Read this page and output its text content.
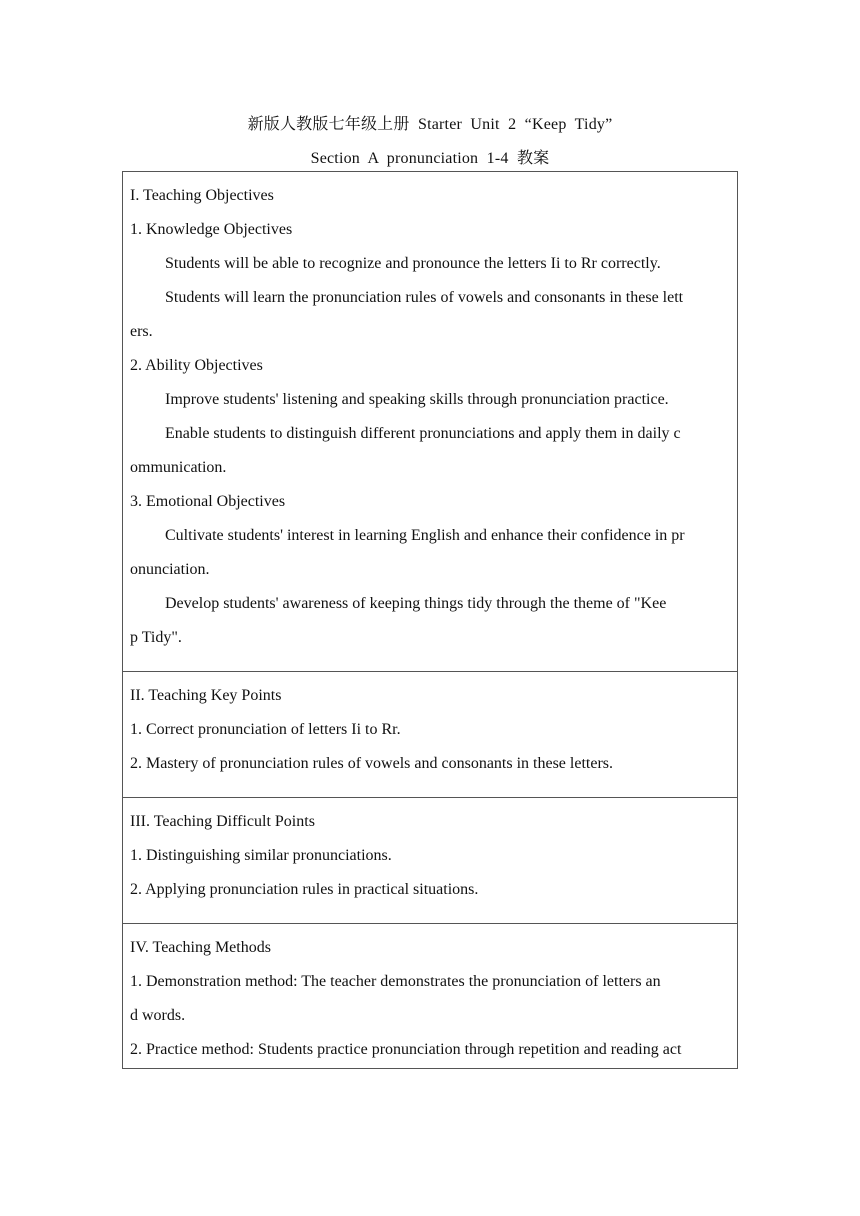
新版人教版七年级上册  Starter  Unit  2  “Keep  Tidy”
Section  A  pronunciation  1-4  教案
I. Teaching Objectives
1. Knowledge Objectives
Students will be able to recognize and pronounce the letters Ii to Rr correctly.
Students will learn the pronunciation rules of vowels and consonants in these lett
ers.
2. Ability Objectives
Improve students' listening and speaking skills through pronunciation practice.
Enable students to distinguish different pronunciations and apply them in daily c
ommunication.
3. Emotional Objectives
Cultivate students' interest in learning English and enhance their confidence in pr
onunciation.
Develop students' awareness of keeping things tidy through the theme of "Kee
p Tidy".

II. Teaching Key Points
1. Correct pronunciation of letters Ii to Rr.
2. Mastery of pronunciation rules of vowels and consonants in these letters.

III. Teaching Difficult Points
1. Distinguishing similar pronunciations.
2. Applying pronunciation rules in practical situations.

IV. Teaching Methods
1. Demonstration method: The teacher demonstrates the pronunciation of letters an
d words.
2. Practice method: Students practice pronunciation through repetition and reading act
